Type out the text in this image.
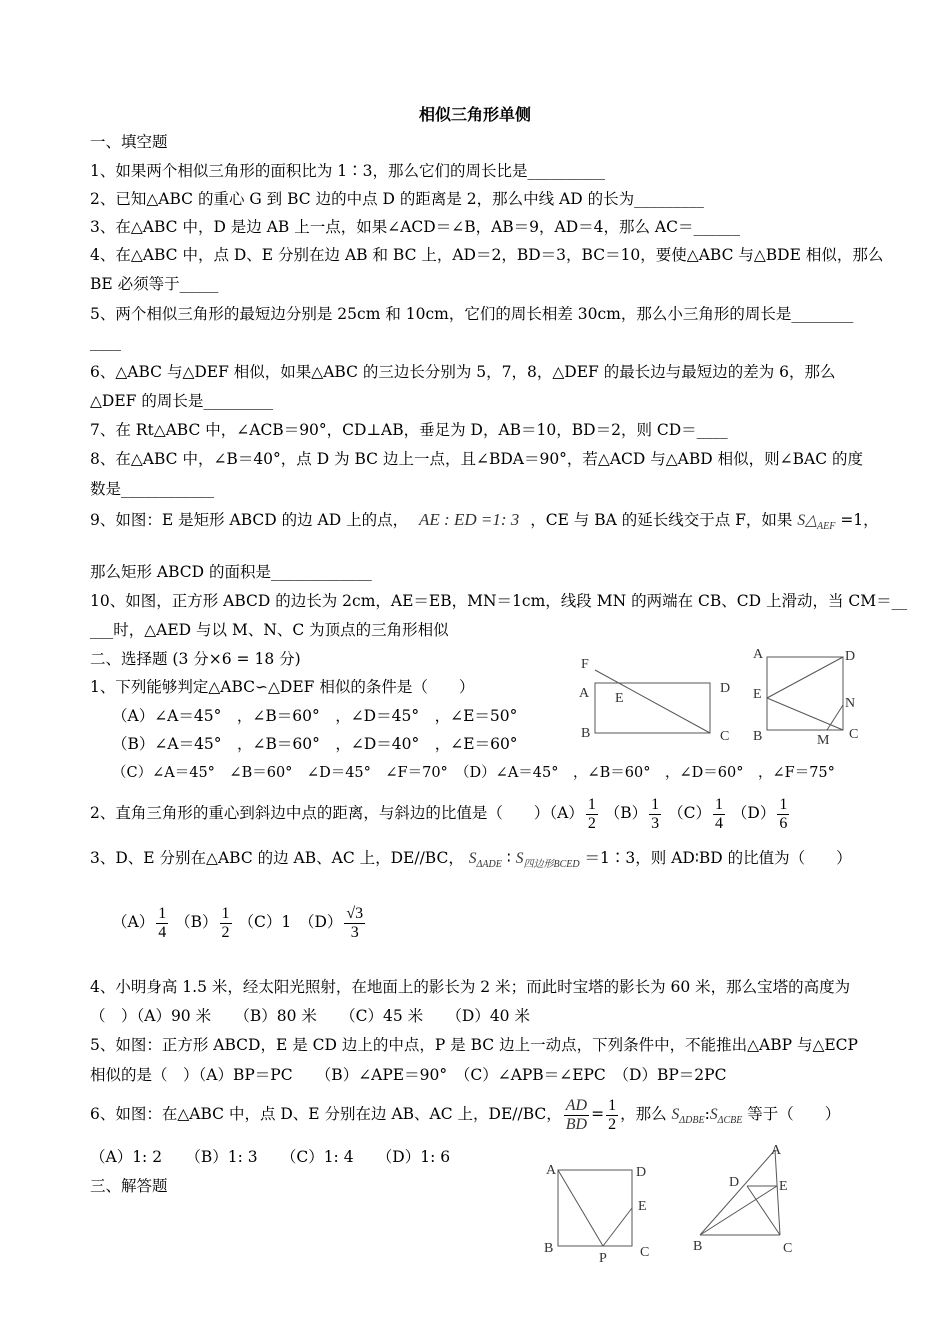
相似三角形单侧
一、填空题
1、如果两个相似三角形的面积比为 1∶3，那么它们的周长比是__________
2、已知△ABC 的重心 G 到 BC 边的中点 D 的距离是 2，那么中线 AD 的长为_________
3、在△ABC 中，D 是边 AB 上一点，如果∠ACD＝∠B，AB＝9，AD＝4，那么 AC＝______
4、在△ABC 中，点 D、E 分别在边 AB 和 BC 上，AD＝2，BD＝3，BC＝10，要使△ABC 与△BDE 相似，那么
BE 必须等于_____
5、两个相似三角形的最短边分别是 25cm 和 10cm，它们的周长相差 30cm，那么小三角形的周长是________
____
6、△ABC 与△DEF 相似，如果△ABC 的三边长分别为 5，7，8，△DEF 的最长边与最短边的差为 6，那么
△DEF 的周长是_________
7、在 Rt△ABC 中，∠ACB＝90°，CD⊥AB，垂足为 D，AB＝10，BD＝2，则 CD＝____
8、在△ABC 中，∠B＝40°，点 D 为 BC 边上一点，且∠BDA＝90°，若△ACD 与△ABD 相似，则∠BAC 的度
数是____________
9、如图：E 是矩形 ABCD 的边 AD 上的点， AE : ED =1: 3 ，CE 与 BA 的延长线交于点 F，如果 $S\triangle_{AEF} =1$，
那么矩形 ABCD 的面积是_____________
10、如图，正方形 ABCD 的边长为 2cm，AE＝EB，MN＝1cm，线段 MN 的两端在 CB、CD 上滑动，当 CM＝__
___时，△AED 与以 M、N、C 为顶点的三角形相似
二、选择题 (3 分×6 = 18 分)
1、下列能够判定△ABC∽△DEF 相似的条件是（　　）
（A）∠A＝45°　，∠B＝60°　，∠D＝45°　，∠E＝50°
（B）∠A＝45°　，∠B＝60°　，∠D＝40°　，∠E＝60°
（C）∠A＝45°　∠B＝60°　∠D＝45°　∠F＝70°　（D）∠A＝45°　，∠B＝60°　，∠D＝60°　，∠F＝75°
2、直角三角形的重心到斜边中点的距离，与斜边的比值是（　　）$(A) \frac{1}{2} (B) \frac{1}{3} (C) \frac{1}{4} (D) \frac{1}{6}$
3、D、E 分别在△ABC 的边 AB、AC 上，DE//BC， $S_{\Delta ADE}$ ∶ $S_{四边形BCED}$ ＝1∶3，则 AD∶BD 的比值为（　　）
$(A) \frac{1}{4} (B) \frac{1}{2} (C)1$　$(D) \frac{√3}{3}$
4、小明身高 1.5 米，经太阳光照射，在地面上的影长为 2 米；而此时宝塔的影长为 60 米，那么宝塔的高度为
（　）（A）90 米　　（B）80 米　　（C）45 米　　（D）40 米
5、如图：正方形 ABCD，E 是 CD 边上的中点，P 是 BC 边上一动点，下列条件中，不能推出△ABP 与△ECP
相似的是（　）（A）BP＝PC　　（B）∠APE＝90°　（C）∠APB＝∠EPC　（D）BP＝2PC
6、如图：在△ABC 中，点 D、E 分别在边 AB、AC 上，DE//BC， $\frac{AD}{BD} = \frac{1}{2}$ ，那么 $S_{\Delta DBE}:S_{\Delta CBE}$ 等于（　　）
（A）1: 2　　（B）1: 3　　（C）1: 4　　（D）1: 6
三、解答题
F
A E
B
D
C
A	D
E
N
B	M C
A	D
E
B
P C
A
D	E
B	C
